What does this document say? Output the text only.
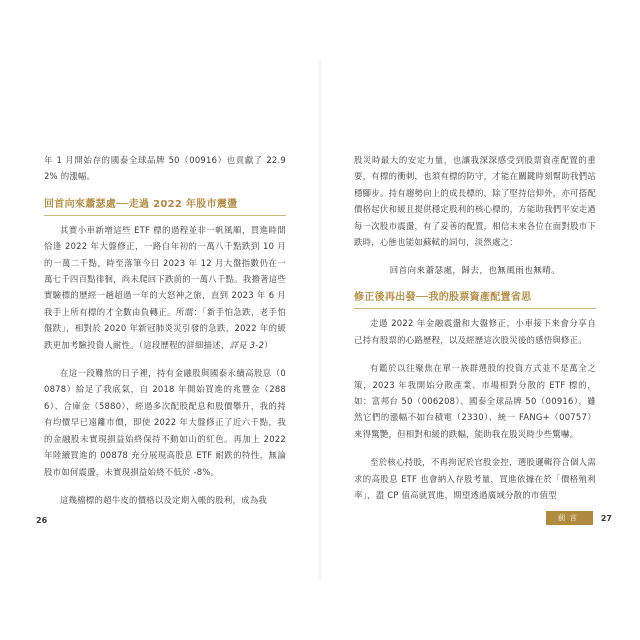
年 1 月開始存的國泰全球品牌 50（00916）也貢獻了 22.92% 的漲幅。

回首向來蕭瑟處──走過 2022 年股市震盪

其實小車新增這些 ETF 標的過程並非一帆風順，買進時間恰逢 2022 年大盤修正，一路自年初的一萬八千點跌到 10 月的一萬二千點，時至落筆今日 2023 年 12 月大盤指數仍在一萬七千四百點徘徊，尚未爬回下跌前的一萬八千點。我擔著這些實驗標的歷經一趟超過一年的大怒神之旅，直到 2023 年 6 月我手上所有標的才全數由負轉正。所謂：「新手怕急跌，老手怕盤跌」，相對於 2020 年新冠肺炎災引發的急跌，2022 年的緩跌更加考驗投資人耐性。（這段歷程的詳細描述，詳見 3-2）

在這一段難熬的日子裡，持有金融股與國泰永續高股息（00878）給足了我底氣，自 2018 年開始買進的兆豐金（2886）、合庫金（5880），經過多次配股配息和股價攀升，我的持有均價早已遠離市價，即使 2022 年大盤修正了近六千點，我的金融股未實現損益始終保持不動如山的紅色。再加上 2022 年陸續買進的 00878 充分展現高股息 ETF 耐跌的特性，無論股市如何震盪，未實現損益始終不低於 -8%。

這幾檔標的超牛皮的價格以及定期入帳的股利，成為我

26

股災時最大的安定力量，也讓我深深感受到股票資產配置的重要，有標的衝刺，也須有標的防守，才能在關鍵時刻幫助我們站穩腳步。持有趨勢向上的成長標的，除了堅持信仰外，亦可搭配價格起伏和緩且提供穩定股利的核心標的，方能助我們平安走過每一次股市震盪，有了妥善的配置，相信未來各位在面對股市下跌時，心態也能如蘇軾的詞句，淡然處之：

回首向來蕭瑟處，歸去，也無風雨也無晴。

修正後再出發──我的股票資產配置省思

走過 2022 年金融震盪和大盤修正，小車接下來會分享自己持有股票的心路歷程，以及經歷這次股災後的感悟與修正。

有鑑於以往聚焦在單一族群選股的投資方式並不是萬全之策，2023 年我開始分散產業、市場相對分散的 ETF 標的，如：富邦台 50（006208）、國泰全球品牌 50（00916），雖然它們的漲幅不如台積電（2330）、統一 FANG+（00757）來得驚艷，但相對和緩的跌幅，能助我在股災時少些驚嚇。

至於核心持股，不再拘泥於官股金控，選股邏輯符合個人需求的高股息 ETF 也會納入存股考量，買進依據在於「價格殖利率」，盡 CP 值高就買進，期望透過廣域分散的市值型

前言	27
